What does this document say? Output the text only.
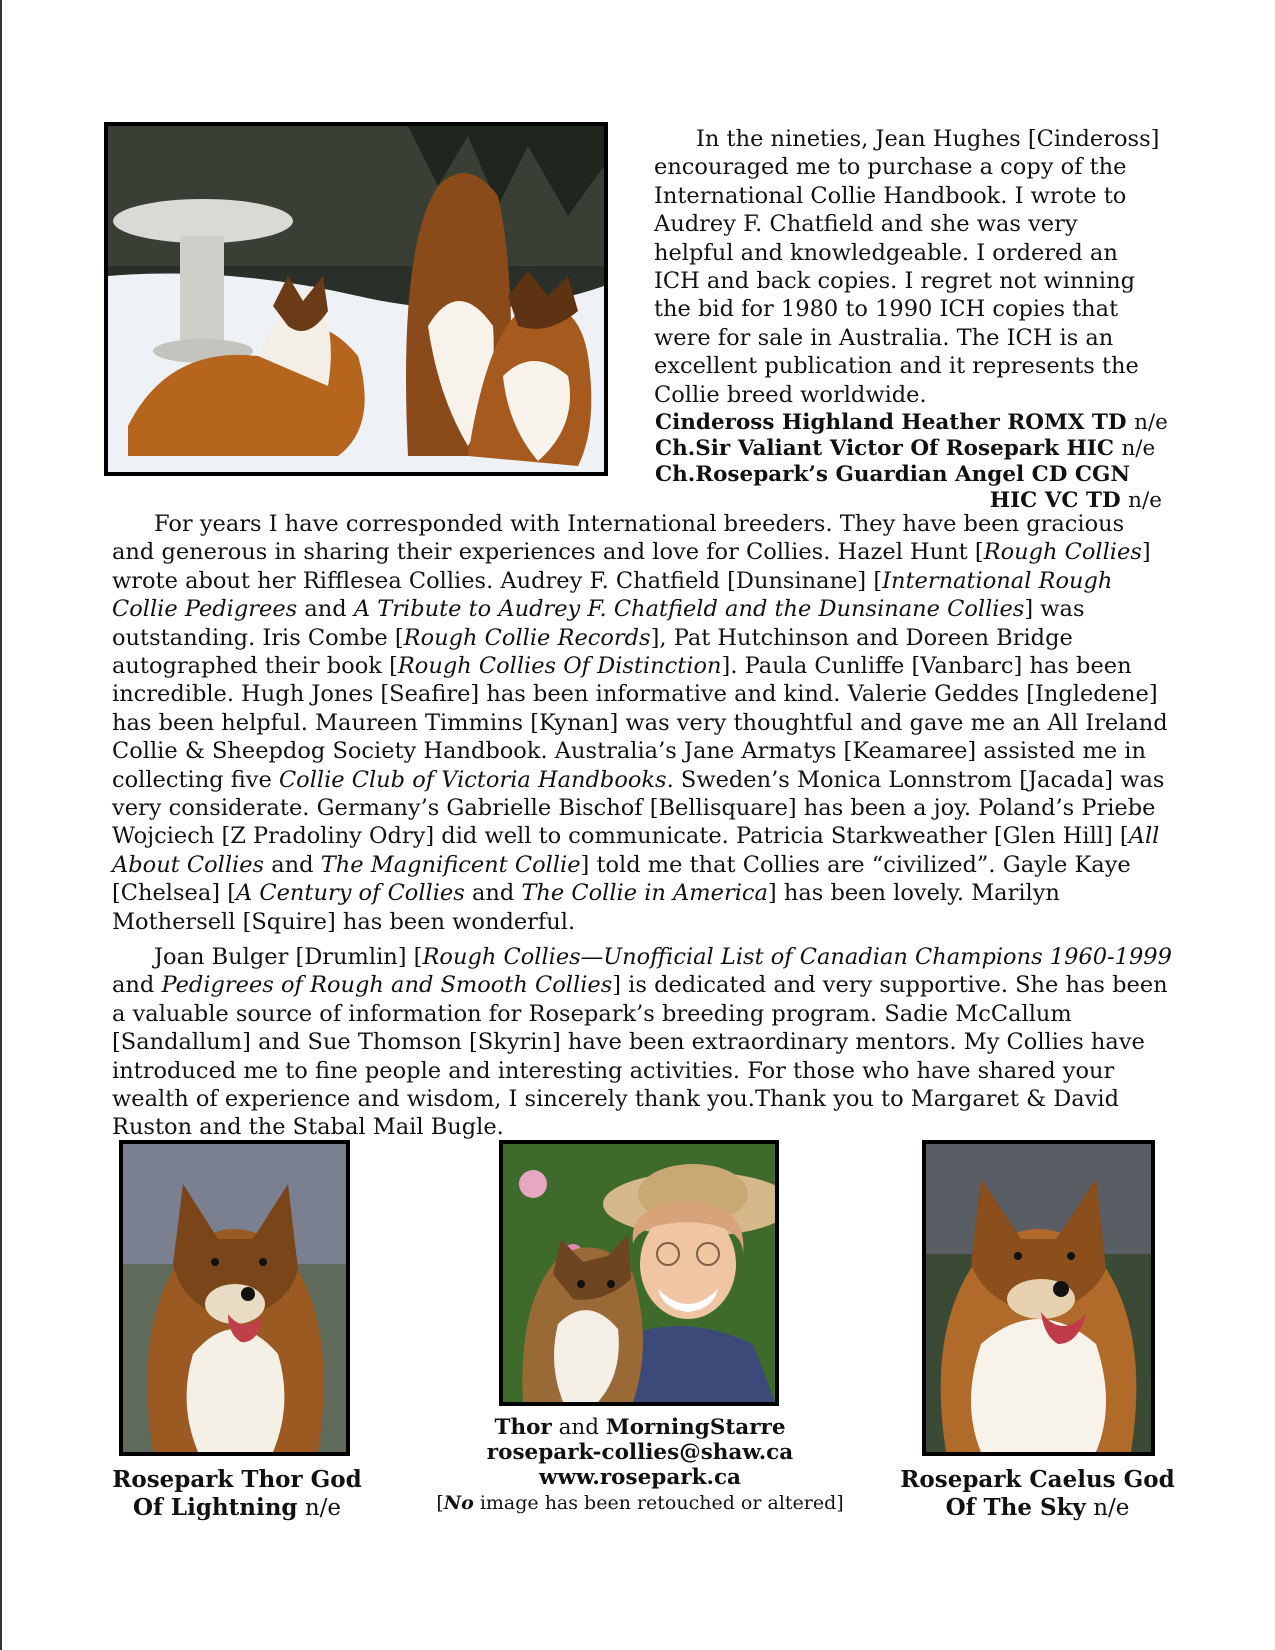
In the nineties, Jean Hughes [Cindeross] encouraged me to purchase a copy of the International Collie Handbook. I wrote to Audrey F. Chatfield and she was very helpful and knowledgeable. I ordered an ICH and back copies. I regret not winning the bid for 1980 to 1990 ICH copies that were for sale in Australia. The ICH is an excellent publication and it represents the Collie breed worldwide.

Cindeross Highland Heather ROMX TD n/e
Ch.Sir Valiant Victor Of Rosepark HIC n/e
Ch.Rosepark’s Guardian Angel CD CGN
HIC VC TD n/e

For years I have corresponded with International breeders. They have been gracious and generous in sharing their experiences and love for Collies. Hazel Hunt [Rough Collies] wrote about her Rifflesea Collies. Audrey F. Chatfield [Dunsinane] [International Rough Collie Pedigrees and A Tribute to Audrey F. Chatfield and the Dunsinane Collies] was outstanding. Iris Combe [Rough Collie Records], Pat Hutchinson and Doreen Bridge autographed their book [Rough Collies Of Distinction]. Paula Cunliffe [Vanbarc] has been incredible. Hugh Jones [Seafire] has been informative and kind. Valerie Geddes [Ingledene] has been helpful. Maureen Timmins [Kynan] was very thoughtful and gave me an All Ireland Collie & Sheepdog Society Handbook. Australia’s Jane Armatys [Keamaree] assisted me in collecting five Collie Club of Victoria Handbooks. Sweden’s Monica Lonnstrom [Jacada] was very considerate. Germany’s Gabrielle Bischof [Bellisquare] has been a joy. Poland’s Priebe Wojciech [Z Pradoliny Odry] did well to communicate. Patricia Starkweather [Glen Hill] [All About Collies and The Magnificent Collie] told me that Collies are “civilized”. Gayle Kaye [Chelsea] [A Century of Collies and The Collie in America] has been lovely. Marilyn Mothersell [Squire] has been wonderful.

Joan Bulger [Drumlin] [Rough Collies—Unofficial List of Canadian Champions 1960-1999 and Pedigrees of Rough and Smooth Collies] is dedicated and very supportive. She has been a valuable source of information for Rosepark’s breeding program. Sadie McCallum [Sandallum] and Sue Thomson [Skyrin] have been extraordinary mentors. My Collies have introduced me to fine people and interesting activities. For those who have shared your wealth of experience and wisdom, I sincerely thank you.Thank you to Margaret & David Ruston and the Stabal Mail Bugle.

Rosepark Thor God
Of Lightning n/e
Thor and MorningStarre
rosepark-collies@shaw.ca
www.rosepark.ca
[No image has been retouched or altered]
Rosepark Caelus God
Of The Sky n/e
